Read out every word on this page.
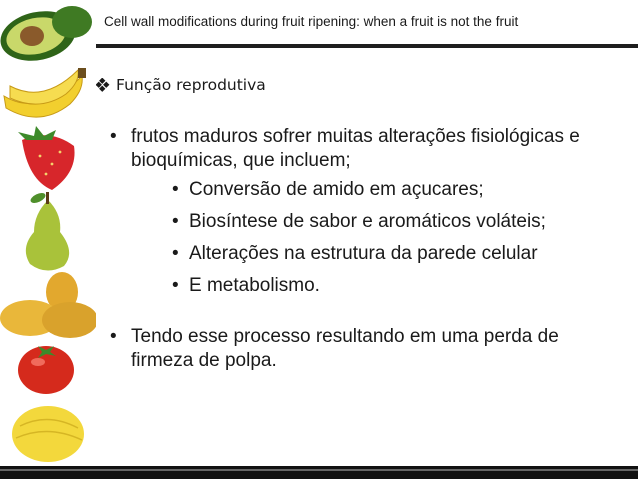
Cell wall modifications during fruit ripening: when a fruit is not the fruit
Função reprodutiva
• frutos maduros sofrer muitas alterações fisiológicas e bioquímicas, que incluem;
• Conversão de amido em açucares;
• Biosíntese de sabor e aromáticos voláteis;
• Alterações na estrutura da parede celular
• E metabolismo.
• Tendo esse processo resultando em uma perda de firmeza de polpa.
